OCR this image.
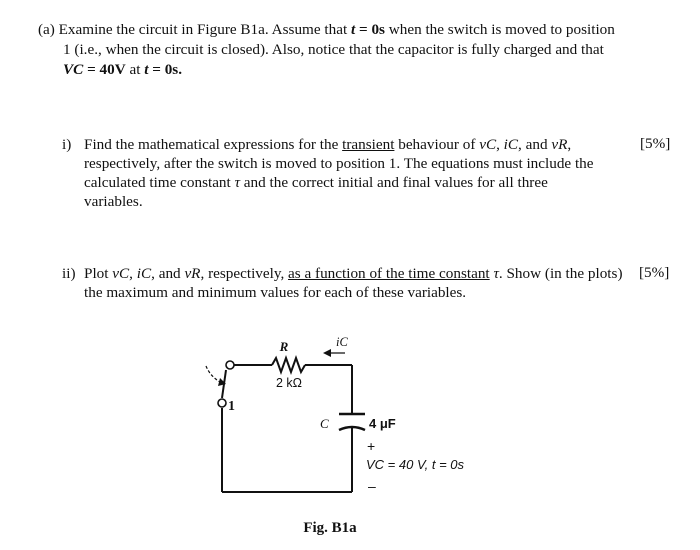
(a) Examine the circuit in Figure B1a. Assume that t = 0s when the switch is moved to position
1 (i.e., when the circuit is closed). Also, notice that the capacitor is fully charged and that
VC = 40V at t = 0s.
i) Find the mathematical expressions for the transient behaviour of vC, iC, and vR,
respectively, after the switch is moved to position 1. The equations must include the
calculated time constant τ and the correct initial and final values for all three
variables.
[5%]
ii) Plot vC, iC, and vR, respectively, as a function of the time constant τ. Show (in the plots)
the maximum and minimum values for each of these variables.
[5%]
R
2 kΩ
iC
1
C	4 μF
+
VC = 40 V, t = 0s
–
Fig. B1a
